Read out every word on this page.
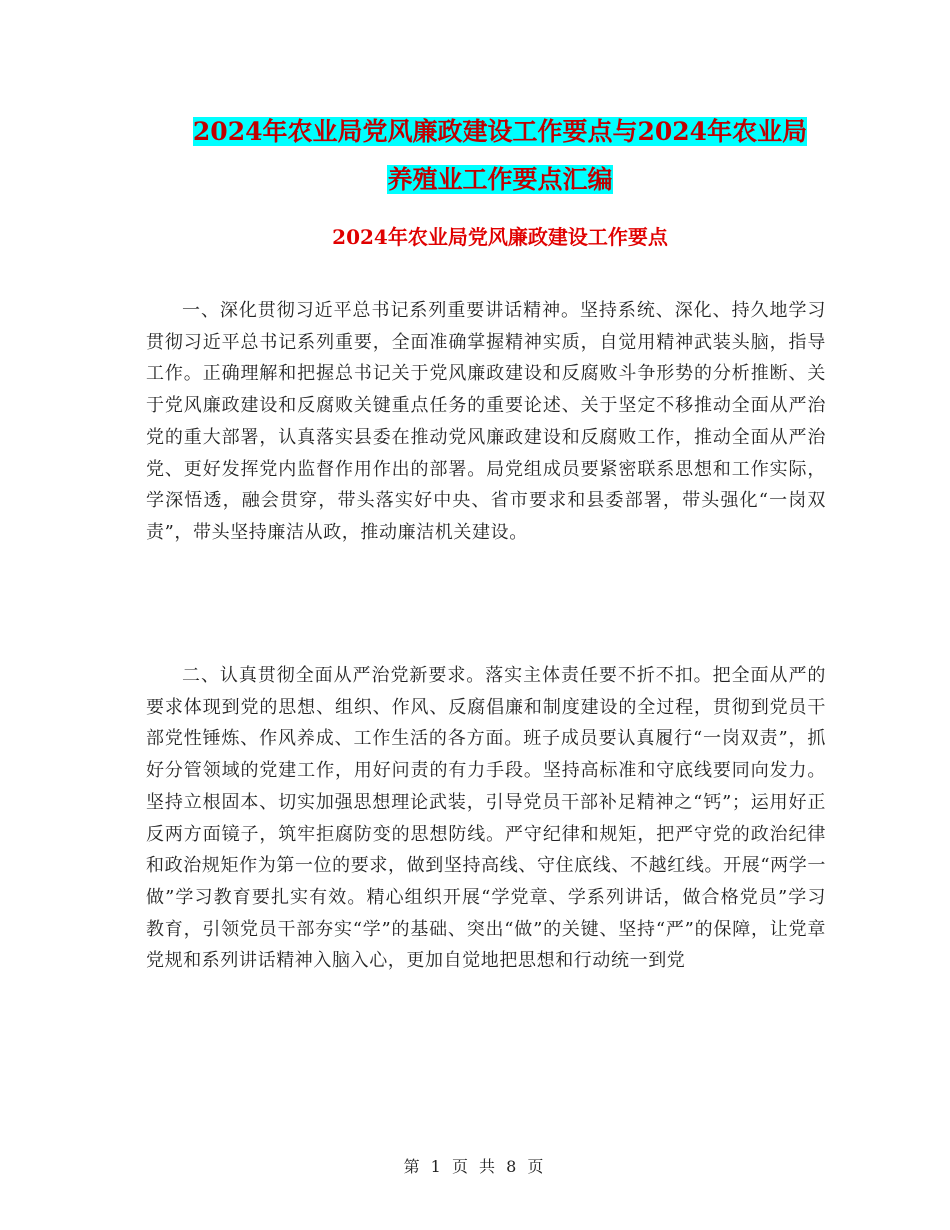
2024年农业局党风廉政建设工作要点与2024年农业局
养殖业工作要点汇编
2024年农业局党风廉政建设工作要点

一、深化贯彻习近平总书记系列重要讲话精神。坚持系统、深化、持久地学习贯彻习近平总书记系列重要，全面准确掌握精神实质，自觉用精神武装头脑，指导工作。正确理解和把握总书记关于党风廉政建设和反腐败斗争形势的分析推断、关于党风廉政建设和反腐败关键重点任务的重要论述、关于坚定不移推动全面从严治党的重大部署，认真落实县委在推动党风廉政建设和反腐败工作，推动全面从严治党、更好发挥党内监督作用作出的部署。局党组成员要紧密联系思想和工作实际，学深悟透，融会贯穿，带头落实好中央、省市要求和县委部署，带头强化“一岗双责”，带头坚持廉洁从政，推动廉洁机关建设。

二、认真贯彻全面从严治党新要求。落实主体责任要不折不扣。把全面从严的要求体现到党的思想、组织、作风、反腐倡廉和制度建设的全过程，贯彻到党员干部党性锤炼、作风养成、工作生活的各方面。班子成员要认真履行“一岗双责”，抓好分管领域的党建工作，用好问责的有力手段。坚持高标准和守底线要同向发力。坚持立根固本、切实加强思想理论武装，引导党员干部补足精神之“钙”；运用好正反两方面镜子，筑牢拒腐防变的思想防线。严守纪律和规矩，把严守党的政治纪律和政治规矩作为第一位的要求，做到坚持高线、守住底线、不越红线。开展“两学一做”学习教育要扎实有效。精心组织开展“学党章、学系列讲话，做合格党员”学习教育，引领党员干部夯实“学”的基础、突出“做”的关键、坚持“严”的保障，让党章党规和系列讲话精神入脑入心，更加自觉地把思想和行动统一到党

第 1 页 共 8 页
